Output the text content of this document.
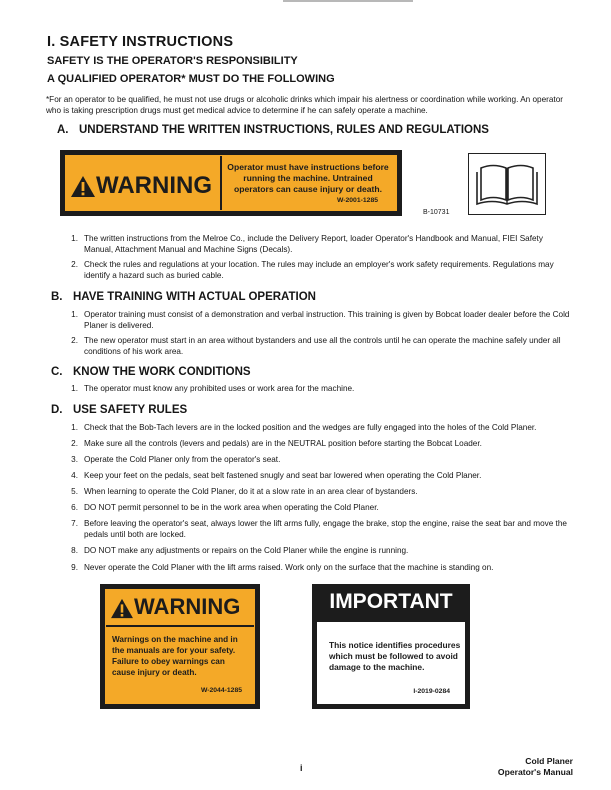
I. SAFETY INSTRUCTIONS
SAFETY IS THE OPERATOR'S RESPONSIBILITY
A QUALIFIED OPERATOR* MUST DO THE FOLLOWING
*For an operator to be qualified, he must not use drugs or alcoholic drinks which impair his alertness or coordination while working. An operator who is taking prescription drugs must get medical advice to determine if he can safely operate a machine.
A. UNDERSTAND THE WRITTEN INSTRUCTIONS, RULES AND REGULATIONS
WARNING
Operator must have instructions before
running the machine. Untrained
operators can cause injury or death.
W-2001-1285
B-10731
1. The written instructions from the Melroe Co., include the Delivery Report, loader Operator's Handbook and Manual, FIEI Safety Manual, Attachment Manual and Machine Signs (Decals).
2. Check the rules and regulations at your location. The rules may include an employer's work safety requirements. Regulations may identify a hazard such as buried cable.
B. HAVE TRAINING WITH ACTUAL OPERATION
1. Operator training must consist of a demonstration and verbal instruction. This training is given by Bobcat loader dealer before the Cold Planer is delivered.
2. The new operator must start in an area without bystanders and use all the controls until he can operate the machine safely under all conditions of his work area.
C. KNOW THE WORK CONDITIONS
1. The operator must know any prohibited uses or work area for the machine.
D. USE SAFETY RULES
1. Check that the Bob-Tach levers are in the locked position and the wedges are fully engaged into the holes of the Cold Planer.
2. Make sure all the controls (levers and pedals) are in the NEUTRAL position before starting the Bobcat Loader.
3. Operate the Cold Planer only from the operator's seat.
4. Keep your feet on the pedals, seat belt fastened snugly and seat bar lowered when operating the Cold Planer.
5. When learning to operate the Cold Planer, do it at a slow rate in an area clear of bystanders.
6. DO NOT permit personnel to be in the work area when operating the Cold Planer.
7. Before leaving the operator's seat, always lower the lift arms fully, engage the brake, stop the engine, raise the seat bar and move the pedals until both are locked.
8. DO NOT make any adjustments or repairs on the Cold Planer while the engine is running.
9. Never operate the Cold Planer with the lift arms raised. Work only on the surface that the machine is standing on.
WARNING
Warnings on the machine and in
the manuals are for your safety.
Failure to obey warnings can
cause injury or death.
W-2044-1285
IMPORTANT
This notice identifies procedures
which must be followed to avoid
damage to the machine.
I-2019-0284
i
Cold Planer
Operator's Manual
